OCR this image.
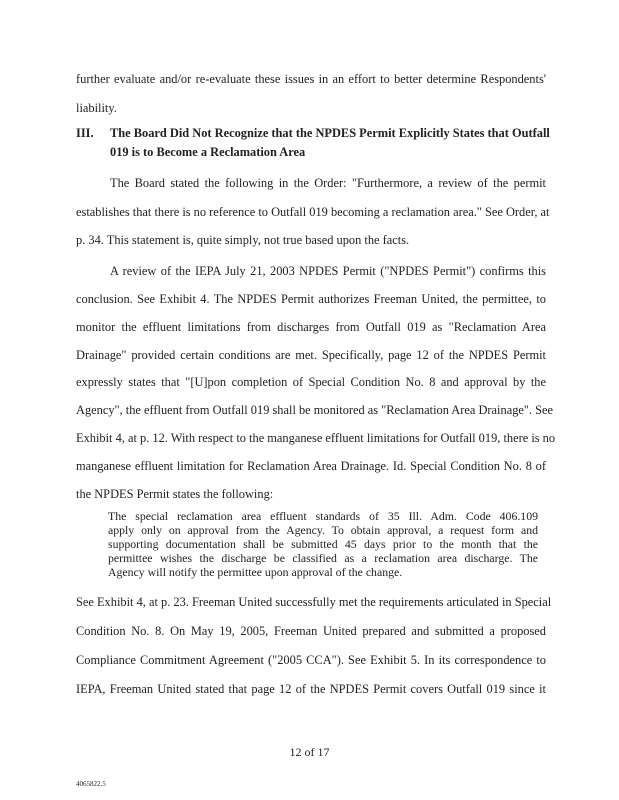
further evaluate and/or re-evaluate these issues in an effort to better determine Respondents'
liability.
III. The Board Did Not Recognize that the NPDES Permit Explicitly States that Outfall
019 is to Become a Reclamation Area
The Board stated the following in the Order: "Furthermore, a review of the permit
establishes that there is no reference to Outfall 019 becoming a reclamation area." See Order, at
p. 34. This statement is, quite simply, not true based upon the facts.
A review of the IEPA July 21, 2003 NPDES Permit ("NPDES Permit") confirms this
conclusion. See Exhibit 4. The NPDES Permit authorizes Freeman United, the permittee, to
monitor the effluent limitations from discharges from Outfall 019 as "Reclamation Area
Drainage" provided certain conditions are met. Specifically, page 12 of the NPDES Permit
expressly states that "[U]pon completion of Special Condition No. 8 and approval by the
Agency", the effluent from Outfall 019 shall be monitored as "Reclamation Area Drainage". See
Exhibit 4, at p. 12. With respect to the manganese effluent limitations for Outfall 019, there is no
manganese effluent limitation for Reclamation Area Drainage. Id. Special Condition No. 8 of
the NPDES Permit states the following:
The special reclamation area effluent standards of 35 Ill. Adm. Code 406.109
apply only on approval from the Agency. To obtain approval, a request form and
supporting documentation shall be submitted 45 days prior to the month that the
permittee wishes the discharge be classified as a reclamation area discharge. The
Agency will notify the permittee upon approval of the change.
See Exhibit 4, at p. 23. Freeman United successfully met the requirements articulated in Special
Condition No. 8. On May 19, 2005, Freeman United prepared and submitted a proposed
Compliance Commitment Agreement ("2005 CCA"). See Exhibit 5. In its correspondence to
IEPA, Freeman United stated that page 12 of the NPDES Permit covers Outfall 019 since it
12 of 17
4065822.5
